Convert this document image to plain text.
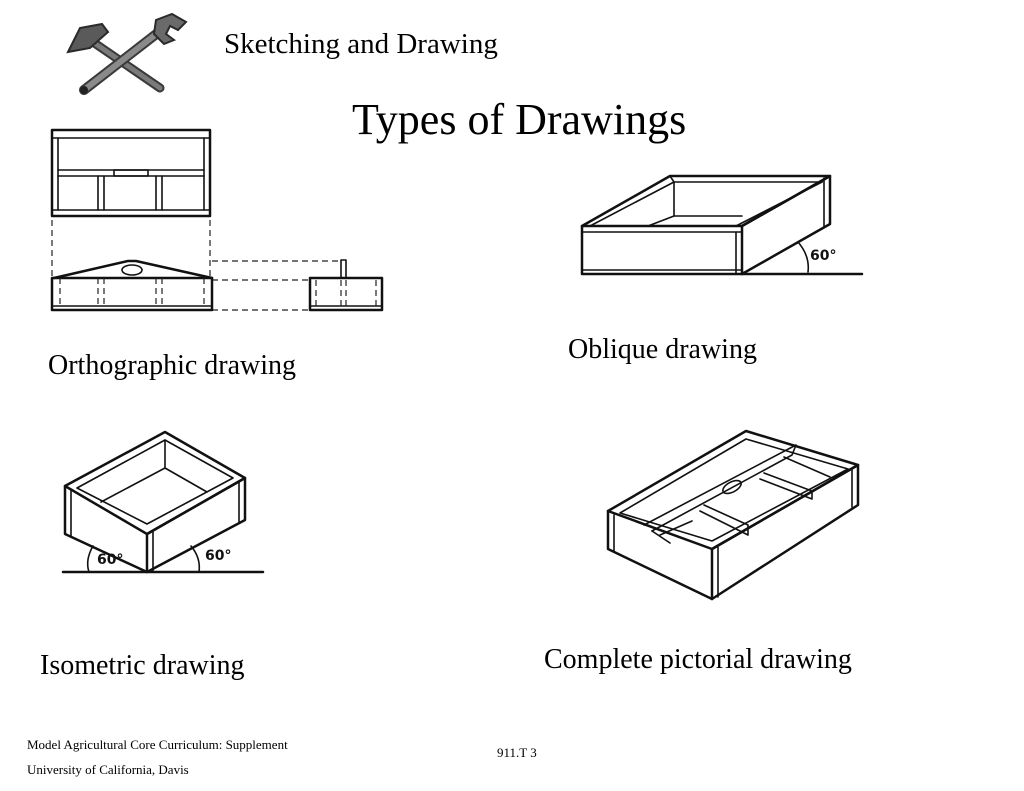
Sketching and Drawing
Types of Drawings
Orthographic drawing
60°
Oblique drawing
60°	60°
Isometric drawing	Complete pictorial drawing
Model Agricultural Core Curriculum: Supplement
University of California, Davis
911.T 3
